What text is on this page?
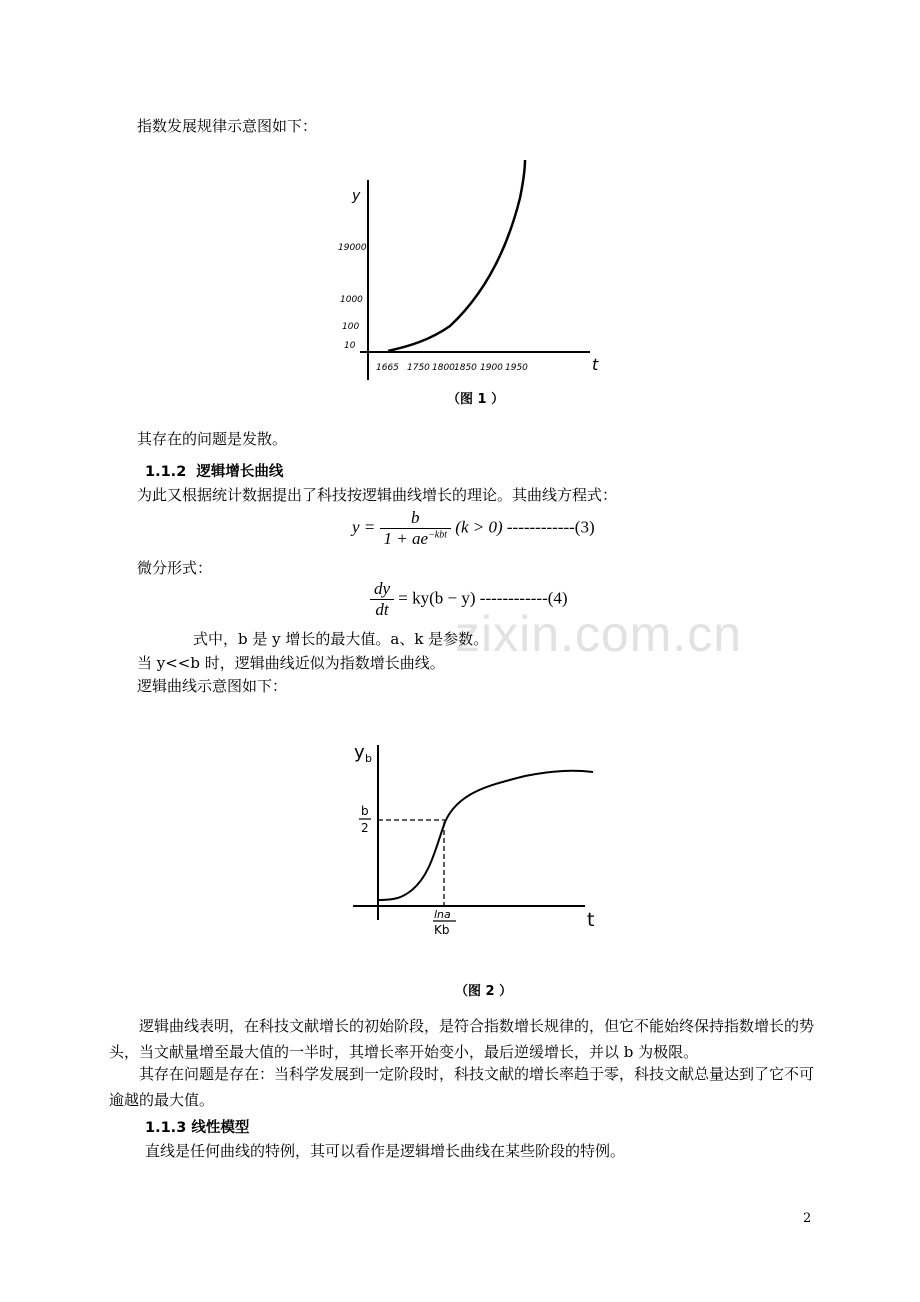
zixin.com.cn
指数发展规律示意图如下：
y
t
10
100
1000
19000
1665 1750 1800 1850 1900 1950
（图 1 ）
其存在的问题是发散。
1.1.2 逻辑增长曲线
为此又根据统计数据提出了科技按逻辑曲线增长的理论。其曲线方程式：
$y = \frac{b}{1 + ae^{-kbt}} (k > 0)$ ------------(3)
微分形式：
$\frac{dy}{dt} = ky(b - y)$ ------------(4)
式中，b 是 y 增长的最大值。a、k 是参数。
当 y<<b 时，逻辑曲线近似为指数增长曲线。
逻辑曲线示意图如下：
y b
t
b
2
lna
Kb
（图 2 ）
逻辑曲线表明，在科技文献增长的初始阶段，是符合指数增长规律的，但它不能始终保持指数增长的势头，当文献量增至最大值的一半时，其增长率开始变小，最后逆缓增长，并以 b 为极限。
其存在问题是存在：当科学发展到一定阶段时，科技文献的增长率趋于零，科技文献总量达到了它不可逾越的最大值。
1.1.3 线性模型
直线是任何曲线的特例，其可以看作是逻辑增长曲线在某些阶段的特例。
2
